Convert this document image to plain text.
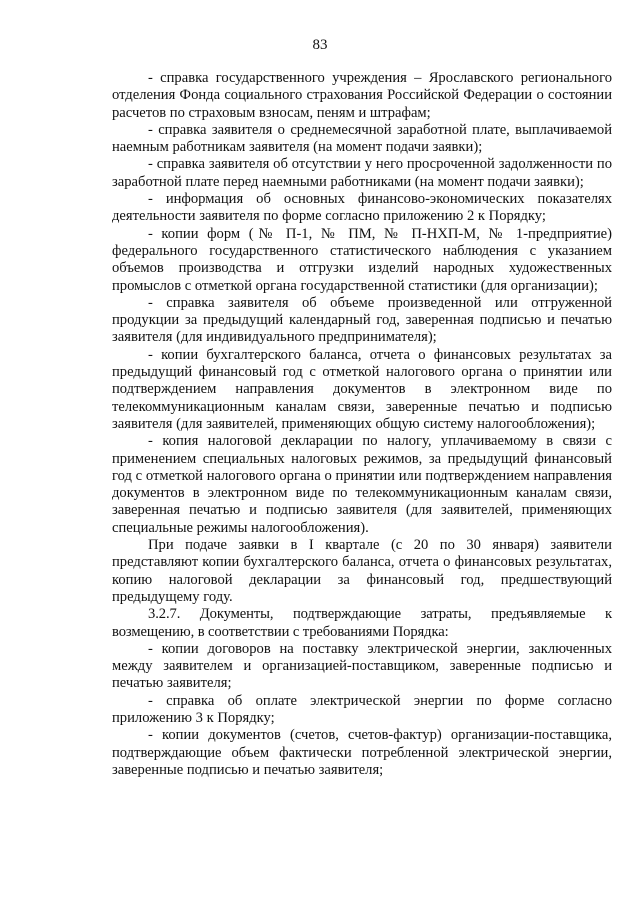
83

- справка государственного учреждения – Ярославского регионального отделения Фонда социального страхования Российской Федерации о состоянии расчетов по страховым взносам, пеням и штрафам;

- справка заявителя о среднемесячной заработной плате, выплачиваемой наемным работникам заявителя (на момент подачи заявки);

- справка заявителя об отсутствии у него просроченной задолженности по заработной плате перед наемными работниками (на момент подачи заявки);

- информация об основных финансово-экономических показателях деятельности заявителя по форме согласно приложению 2 к Порядку;

- копии форм (№ П-1, № ПМ, № П-НХП-М, № 1-предприятие) федерального государственного статистического наблюдения с указанием объемов производства и отгрузки изделий народных художественных промыслов с отметкой органа государственной статистики (для организации);

- справка заявителя об объеме произведенной или отгруженной продукции за предыдущий календарный год, заверенная подписью и печатью заявителя (для индивидуального предпринимателя);

- копии бухгалтерского баланса, отчета о финансовых результатах за предыдущий финансовый год с отметкой налогового органа о принятии или подтверждением направления документов в электронном виде по телекоммуникационным каналам связи, заверенные печатью и подписью заявителя (для заявителей, применяющих общую систему налогообложения);

- копия налоговой декларации по налогу, уплачиваемому в связи с применением специальных налоговых режимов, за предыдущий финансовый год с отметкой налогового органа о принятии или подтверждением направления документов в электронном виде по телекоммуникационным каналам связи, заверенная печатью и подписью заявителя (для заявителей, применяющих специальные режимы налогообложения).

При подаче заявки в I квартале (с 20 по 30 января) заявители представляют копии бухгалтерского баланса, отчета о финансовых результатах, копию налоговой декларации за финансовый год, предшествующий предыдущему году.

3.2.7. Документы, подтверждающие затраты, предъявляемые к возмещению, в соответствии с требованиями Порядка:

- копии договоров на поставку электрической энергии, заключенных между заявителем и организацией-поставщиком, заверенные подписью и печатью заявителя;

- справка об оплате электрической энергии по форме согласно приложению 3 к Порядку;

- копии документов (счетов, счетов-фактур) организации-поставщика, подтверждающие объем фактически потребленной электрической энергии, заверенные подписью и печатью заявителя;
